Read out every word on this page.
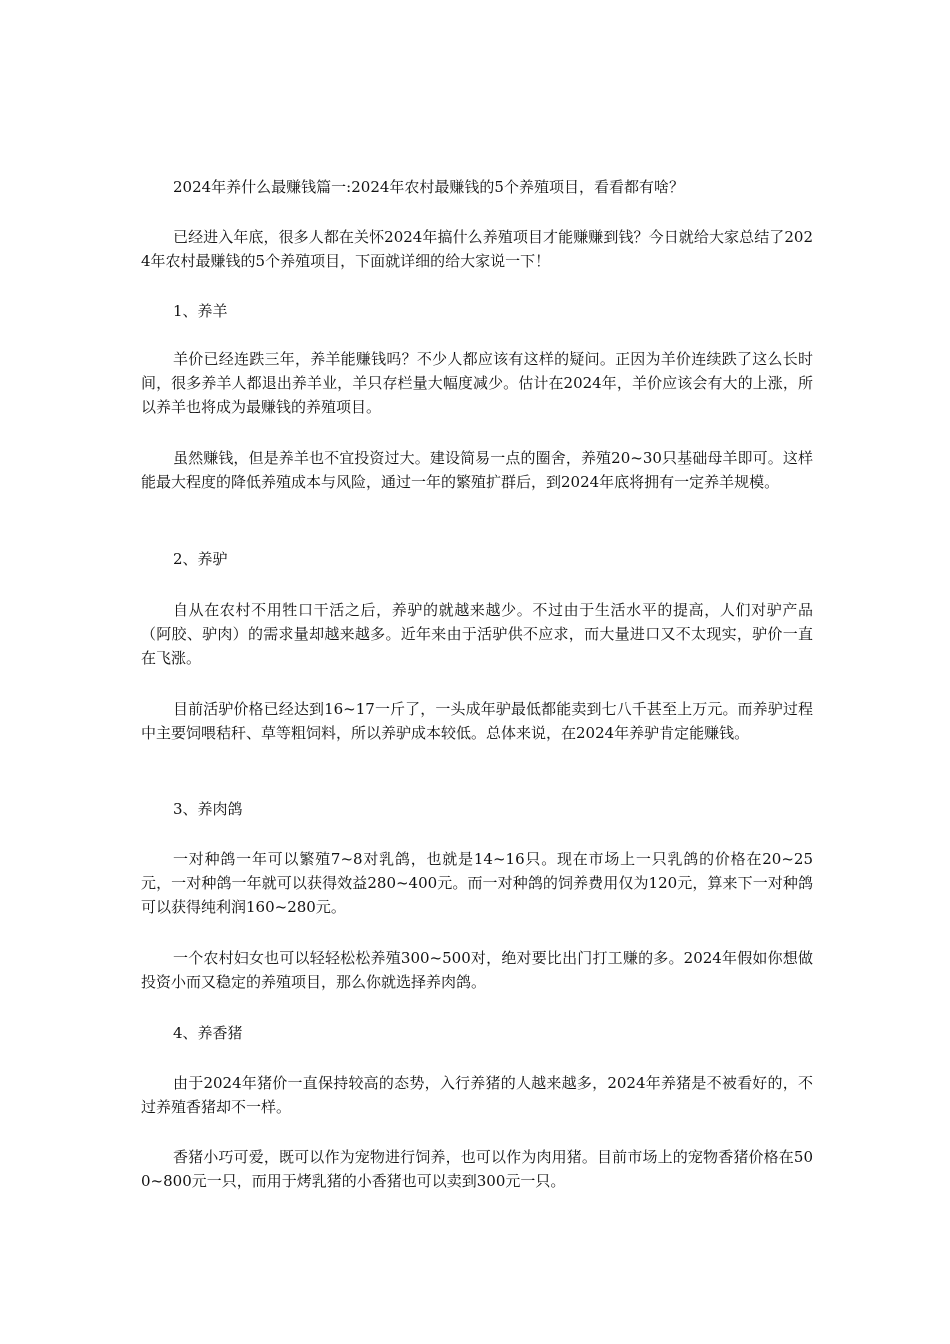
2024年养什么最赚钱篇一:2024年农村最赚钱的5个养殖项目，看看都有啥？

已经进入年底，很多人都在关怀2024年搞什么养殖项目才能赚赚到钱？今日就给大家总结了2024年农村最赚钱的5个养殖项目，下面就详细的给大家说一下！

1、养羊

羊价已经连跌三年，养羊能赚钱吗？不少人都应该有这样的疑问。正因为羊价连续跌了这么长时间，很多养羊人都退出养羊业，羊只存栏量大幅度减少。估计在2024年，羊价应该会有大的上涨，所以养羊也将成为最赚钱的养殖项目。

虽然赚钱，但是养羊也不宜投资过大。建设简易一点的圈舍，养殖20~30只基础母羊即可。这样能最大程度的降低养殖成本与风险，通过一年的繁殖扩群后，到2024年底将拥有一定养羊规模。

2、养驴

自从在农村不用牲口干活之后，养驴的就越来越少。不过由于生活水平的提高，人们对驴产品（阿胶、驴肉）的需求量却越来越多。近年来由于活驴供不应求，而大量进口又不太现实，驴价一直在飞涨。

目前活驴价格已经达到16~17一斤了，一头成年驴最低都能卖到七八千甚至上万元。而养驴过程中主要饲喂秸秆、草等粗饲料，所以养驴成本较低。总体来说，在2024年养驴肯定能赚钱。

3、养肉鸽

一对种鸽一年可以繁殖7~8对乳鸽，也就是14~16只。现在市场上一只乳鸽的价格在20~25元，一对种鸽一年就可以获得效益280~400元。而一对种鸽的饲养费用仅为120元，算来下一对种鸽可以获得纯利润160~280元。

一个农村妇女也可以轻轻松松养殖300~500对，绝对要比出门打工赚的多。2024年假如你想做投资小而又稳定的养殖项目，那么你就选择养肉鸽。

4、养香猪

由于2024年猪价一直保持较高的态势，入行养猪的人越来越多，2024年养猪是不被看好的，不过养殖香猪却不一样。

香猪小巧可爱，既可以作为宠物进行饲养，也可以作为肉用猪。目前市场上的宠物香猪价格在500~800元一只，而用于烤乳猪的小香猪也可以卖到300元一只。
